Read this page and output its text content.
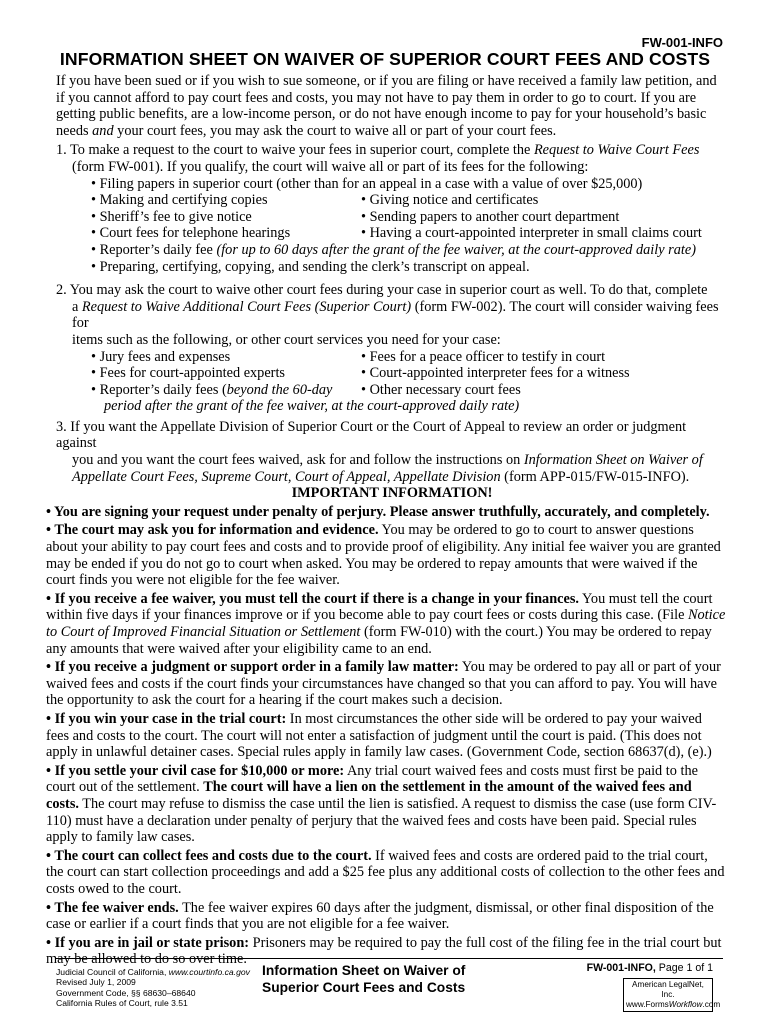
FW-001-INFO
INFORMATION SHEET ON WAIVER OF SUPERIOR COURT FEES AND COSTS

If you have been sued or if you wish to sue someone, or if you are filing or have received a family law petition, and if you cannot afford to pay court fees and costs, you may not have to pay them in order to go to court. If you are getting public benefits, are a low-income person, or do not have enough income to pay for your household’s basic needs and your court fees, you may ask the court to waive all or part of your court fees.

1. To make a request to the court to waive your fees in superior court, complete the Request to Waive Court Fees

(form FW-001). If you qualify, the court will waive all or part of its fees for the following:

• Filing papers in superior court (other than for an appeal in a case with a value of over $25,000)

• Making and certifying copies	• Giving notice and certificates
• Sheriff’s fee to give notice	• Sending papers to another court department
• Court fees for telephone hearings	• Having a court-appointed interpreter in small claims court

• Reporter’s daily fee (for up to 60 days after the grant of the fee waiver, at the court-approved daily rate)

• Preparing, certifying, copying, and sending the clerk’s transcript on appeal.

2. You may ask the court to waive other court fees during your case in superior court as well. To do that, complete

a Request to Waive Additional Court Fees (Superior Court) (form FW-002). The court will consider waiving fees for

items such as the following, or other court services you need for your case:

• Jury fees and expenses	• Fees for a peace officer to testify in court
• Fees for court-appointed experts	• Court-appointed interpreter fees for a witness
• Reporter’s daily fees (beyond the 60-day	• Other necessary court fees

period after the grant of the fee waiver, at the court-approved daily rate)

3. If you want the Appellate Division of Superior Court or the Court of Appeal to review an order or judgment against

you and you want the court fees waived, ask for and follow the instructions on Information Sheet on Waiver of

Appellate Court Fees, Supreme Court, Court of Appeal, Appellate Division (form APP-015/FW-015-INFO).

IMPORTANT INFORMATION!

• You are signing your request under penalty of perjury. Please answer truthfully, accurately, and completely.

• The court may ask you for information and evidence. You may be ordered to go to court to answer questions about your ability to pay court fees and costs and to provide proof of eligibility. Any initial fee waiver you are granted may be ended if you do not go to court when asked. You may be ordered to repay amounts that were waived if the court finds you were not eligible for the fee waiver.

• If you receive a fee waiver, you must tell the court if there is a change in your finances. You must tell the court within five days if your finances improve or if you become able to pay court fees or costs during this case. (File Notice to Court of Improved Financial Situation or Settlement (form FW-010) with the court.) You may be ordered to repay any amounts that were waived after your eligibility came to an end.

• If you receive a judgment or support order in a family law matter: You may be ordered to pay all or part of your waived fees and costs if the court finds your circumstances have changed so that you can afford to pay. You will have the opportunity to ask the court for a hearing if the court makes such a decision.

• If you win your case in the trial court: In most circumstances the other side will be ordered to pay your waived fees and costs to the court. The court will not enter a satisfaction of judgment until the court is paid. (This does not apply in unlawful detainer cases. Special rules apply in family law cases. (Government Code, section 68637(d), (e).)

• If you settle your civil case for $10,000 or more: Any trial court waived fees and costs must first be paid to the court out of the settlement. The court will have a lien on the settlement in the amount of the waived fees and costs. The court may refuse to dismiss the case until the lien is satisfied. A request to dismiss the case (use form CIV-110) must have a declaration under penalty of perjury that the waived fees and costs have been paid. Special rules apply to family law cases.

• The court can collect fees and costs due to the court. If waived fees and costs are ordered paid to the trial court, the court can start collection proceedings and add a $25 fee plus any additional costs of collection to the other fees and costs owed to the court.

• The fee waiver ends. The fee waiver expires 60 days after the judgment, dismissal, or other final disposition of the case or earlier if a court finds that you are not eligible for a fee waiver.

• If you are in jail or state prison: Prisoners may be required to pay the full cost of the filing fee in the trial court but may be allowed to do so over time.

Judicial Council of California, www.courtinfo.ca.gov
Revised July 1, 2009
Government Code, §§ 68630–68640
California Rules of Court, rule 3.51
Information Sheet on Waiver of
Superior Court Fees and Costs
FW-001-INFO, Page 1 of 1
American LegalNet, Inc.
www.FormsWorkflow.com
